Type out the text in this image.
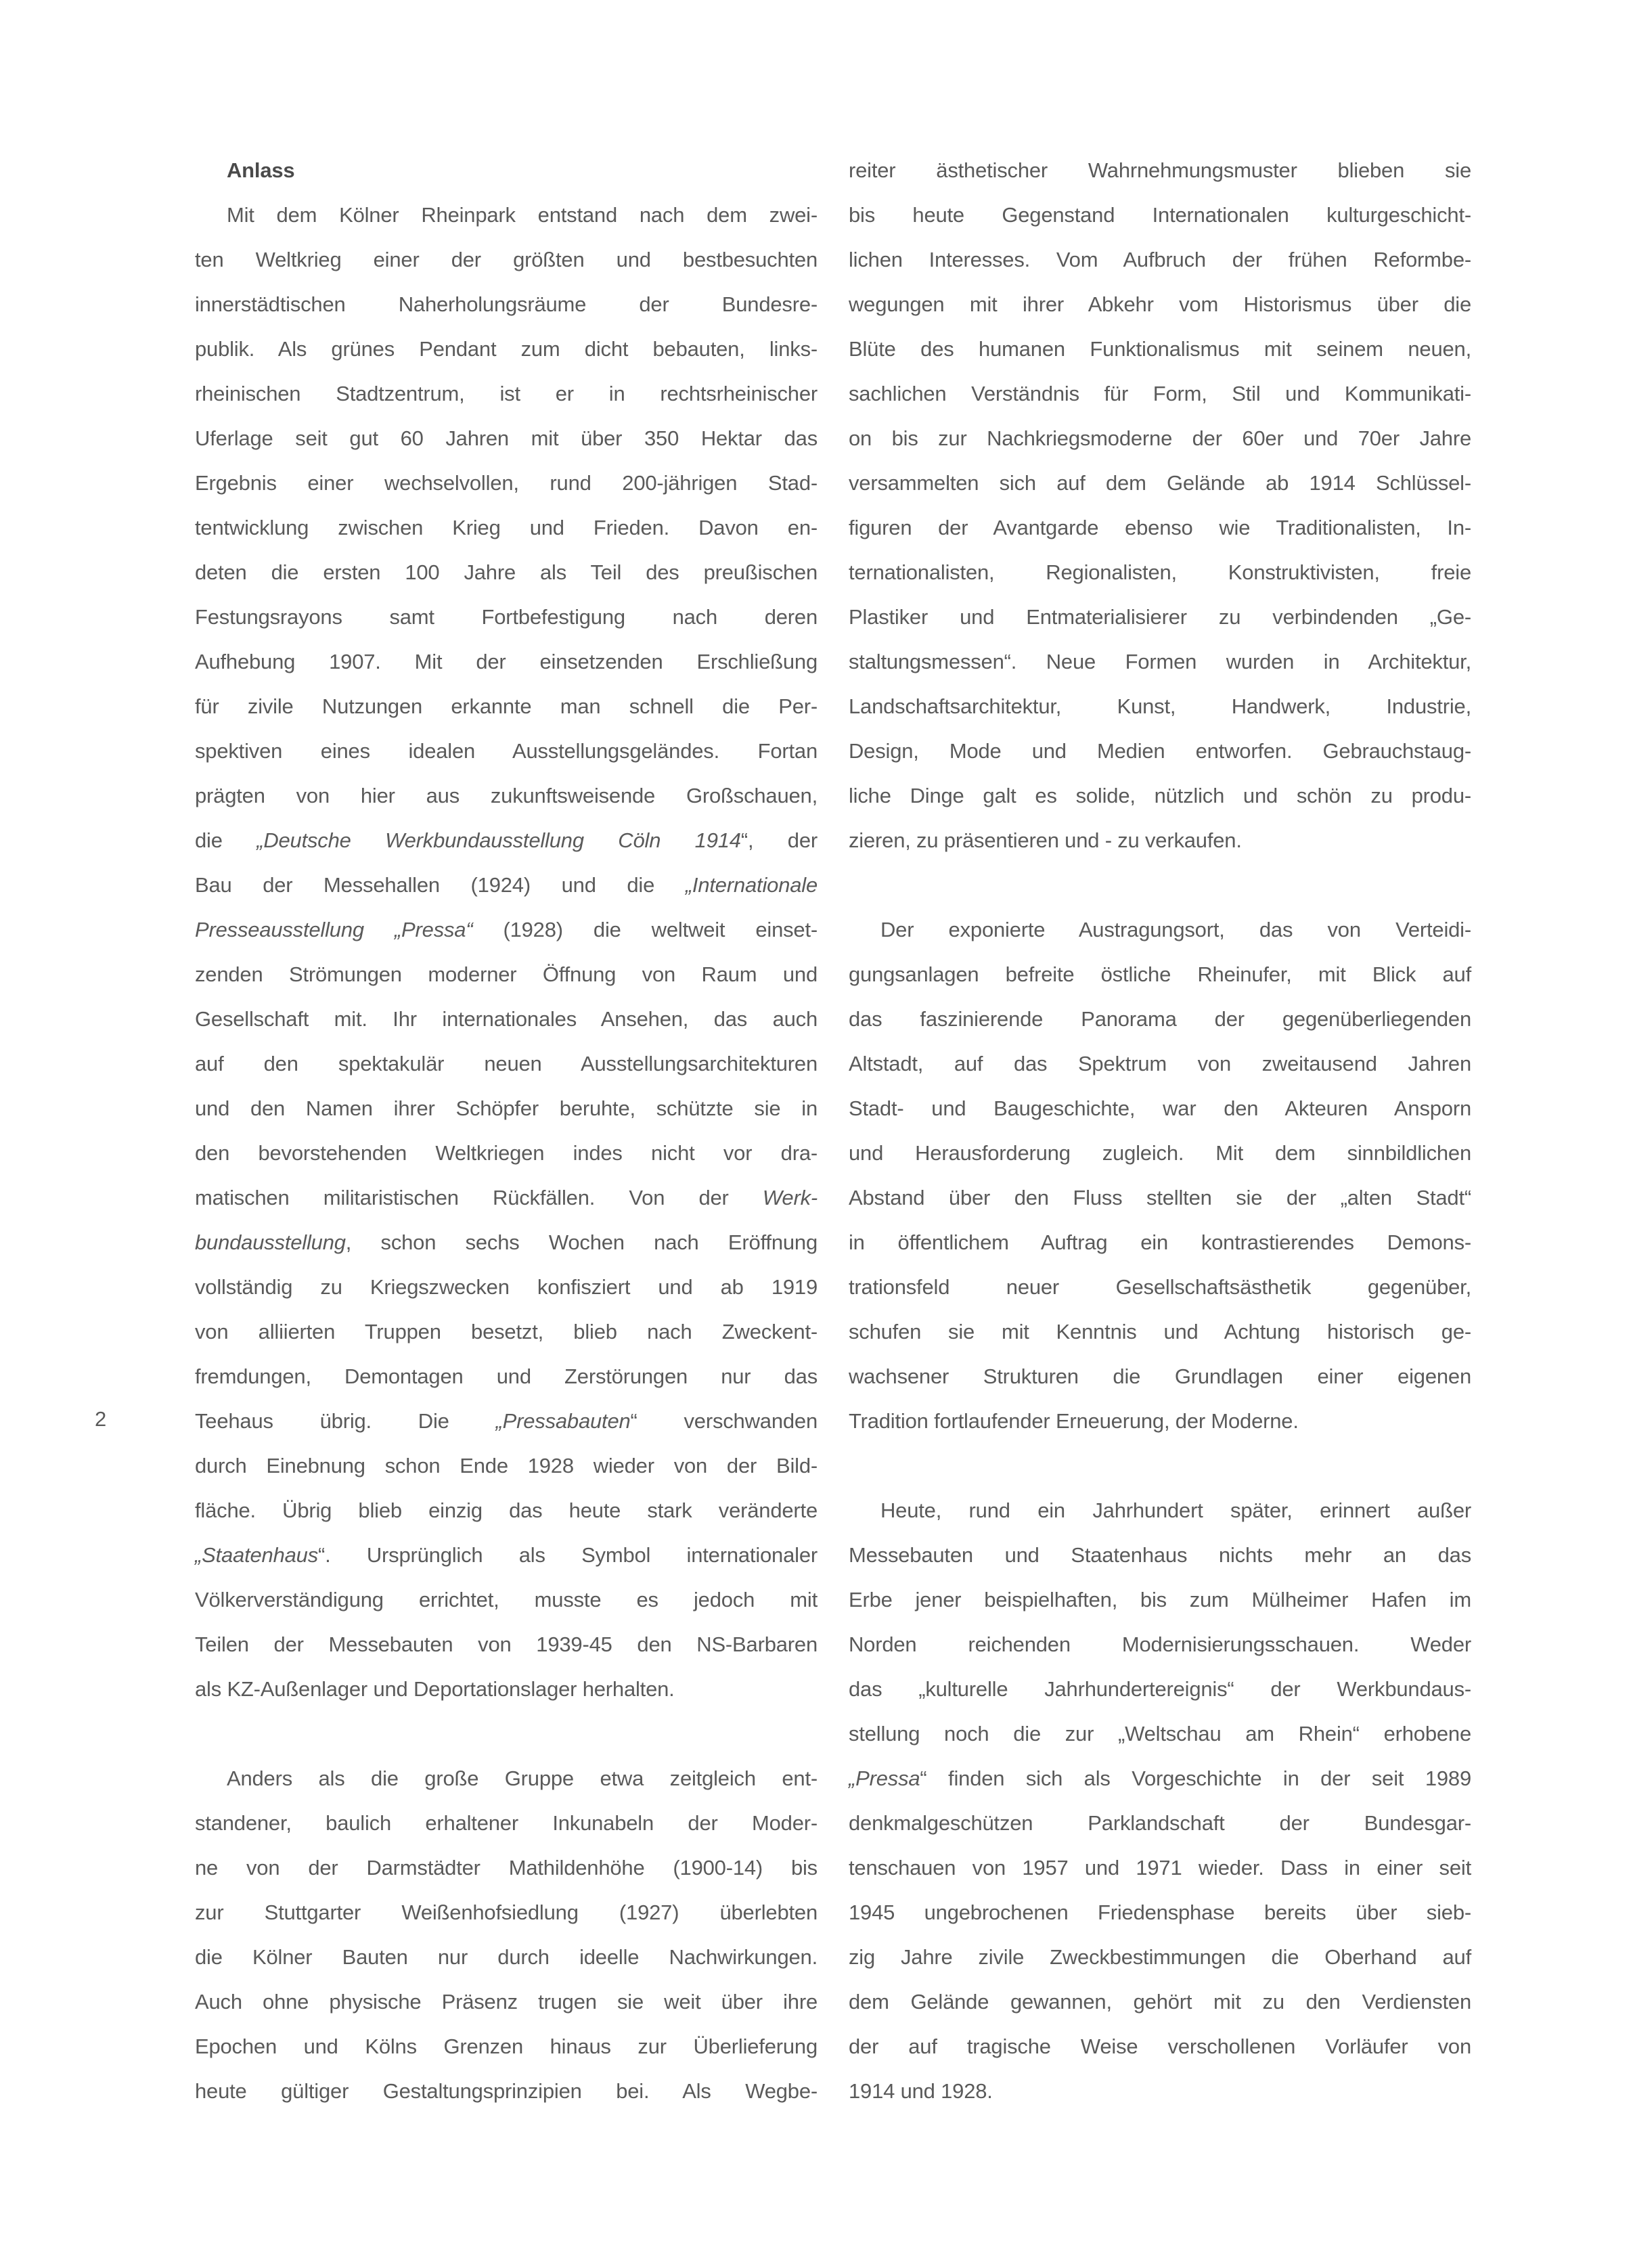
Anlass
Mit dem Kölner Rheinpark entstand nach dem zwei-
ten Weltkrieg einer der größten und bestbesuchten
innerstädtischen Naherholungsräume der Bundesre-
publik. Als grünes Pendant zum dicht bebauten, links-
rheinischen Stadtzentrum, ist er in rechtsrheinischer
Uferlage seit gut 60 Jahren mit über 350 Hektar das
Ergebnis einer wechselvollen, rund 200-jährigen Stad-
tentwicklung zwischen Krieg und Frieden. Davon en-
deten die ersten 100 Jahre als Teil des preußischen
Festungsrayons samt Fortbefestigung nach deren
Aufhebung 1907. Mit der einsetzenden Erschließung
für zivile Nutzungen erkannte man schnell die Per-
spektiven eines idealen Ausstellungsgeländes. Fortan
prägten von hier aus zukunftsweisende Großschauen,
die „Deutsche Werkbundausstellung Cöln 1914“, der
Bau der Messehallen (1924) und die „Internationale
Presseausstellung „Pressa“ (1928) die weltweit einset-
zenden Strömungen moderner Öffnung von Raum und
Gesellschaft mit. Ihr internationales Ansehen, das auch
auf den spektakulär neuen Ausstellungsarchitekturen
und den Namen ihrer Schöpfer beruhte, schützte sie in
den bevorstehenden Weltkriegen indes nicht vor dra-
matischen militaristischen Rückfällen. Von der Werk-
bundausstellung, schon sechs Wochen nach Eröffnung
vollständig zu Kriegszwecken konfisziert und ab 1919
von alliierten Truppen besetzt, blieb nach Zweckent-
fremdungen, Demontagen und Zerstörungen nur das
Teehaus übrig. Die „Pressabauten“ verschwanden
durch Einebnung schon Ende 1928 wieder von der Bild-
fläche. Übrig blieb einzig das heute stark veränderte
„Staatenhaus“. Ursprünglich als Symbol internationaler
Völkerverständigung errichtet, musste es jedoch mit
Teilen der Messebauten von 1939-45 den NS-Barbaren
als KZ-Außenlager und Deportationslager herhalten.
Anders als die große Gruppe etwa zeitgleich ent-
standener, baulich erhaltener Inkunabeln der Moder-
ne von der Darmstädter Mathildenhöhe (1900-14) bis
zur Stuttgarter Weißenhofsiedlung (1927) überlebten
die Kölner Bauten nur durch ideelle Nachwirkungen.
Auch ohne physische Präsenz trugen sie weit über ihre
Epochen und Kölns Grenzen hinaus zur Überlieferung
heute gültiger Gestaltungsprinzipien bei. Als Wegbe-
reiter ästhetischer Wahrnehmungsmuster blieben sie
bis heute Gegenstand Internationalen kulturgeschicht-
lichen Interesses. Vom Aufbruch der frühen Reformbe-
wegungen mit ihrer Abkehr vom Historismus über die
Blüte des humanen Funktionalismus mit seinem neuen,
sachlichen Verständnis für Form, Stil und Kommunikati-
on bis zur Nachkriegsmoderne der 60er und 70er Jahre
versammelten sich auf dem Gelände ab 1914 Schlüssel-
figuren der Avantgarde ebenso wie Traditionalisten, In-
ternationalisten, Regionalisten, Konstruktivisten, freie
Plastiker und Entmaterialisierer zu verbindenden „Ge-
staltungsmessen“. Neue Formen wurden in Architektur,
Landschaftsarchitektur, Kunst, Handwerk, Industrie,
Design, Mode und Medien entworfen. Gebrauchstaug-
liche Dinge galt es solide, nützlich und schön zu produ-
zieren, zu präsentieren und - zu verkaufen.
Der exponierte Austragungsort, das von Verteidi-
gungsanlagen befreite östliche Rheinufer, mit Blick auf
das faszinierende Panorama der gegenüberliegenden
Altstadt, auf das Spektrum von zweitausend Jahren
Stadt- und Baugeschichte, war den Akteuren Ansporn
und Herausforderung zugleich. Mit dem sinnbildlichen
Abstand über den Fluss stellten sie der „alten Stadt“
in öffentlichem Auftrag ein kontrastierendes Demons-
trationsfeld neuer Gesellschaftsästhetik gegenüber,
schufen sie mit Kenntnis und Achtung historisch ge-
wachsener Strukturen die Grundlagen einer eigenen
Tradition fortlaufender Erneuerung, der Moderne.
Heute, rund ein Jahrhundert später, erinnert außer
Messebauten und Staatenhaus nichts mehr an das
Erbe jener beispielhaften, bis zum Mülheimer Hafen im
Norden reichenden Modernisierungsschauen. Weder
das „kulturelle Jahrhundertereignis“ der Werkbundaus-
stellung noch die zur „Weltschau am Rhein“ erhobene
„Pressa“ finden sich als Vorgeschichte in der seit 1989
denkmalgeschützen Parklandschaft der Bundesgar-
tenschauen von 1957 und 1971 wieder. Dass in einer seit
1945 ungebrochenen Friedensphase bereits über sieb-
zig Jahre zivile Zweckbestimmungen die Oberhand auf
dem Gelände gewannen, gehört mit zu den Verdiensten
der auf tragische Weise verschollenen Vorläufer von
1914 und 1928.
2
